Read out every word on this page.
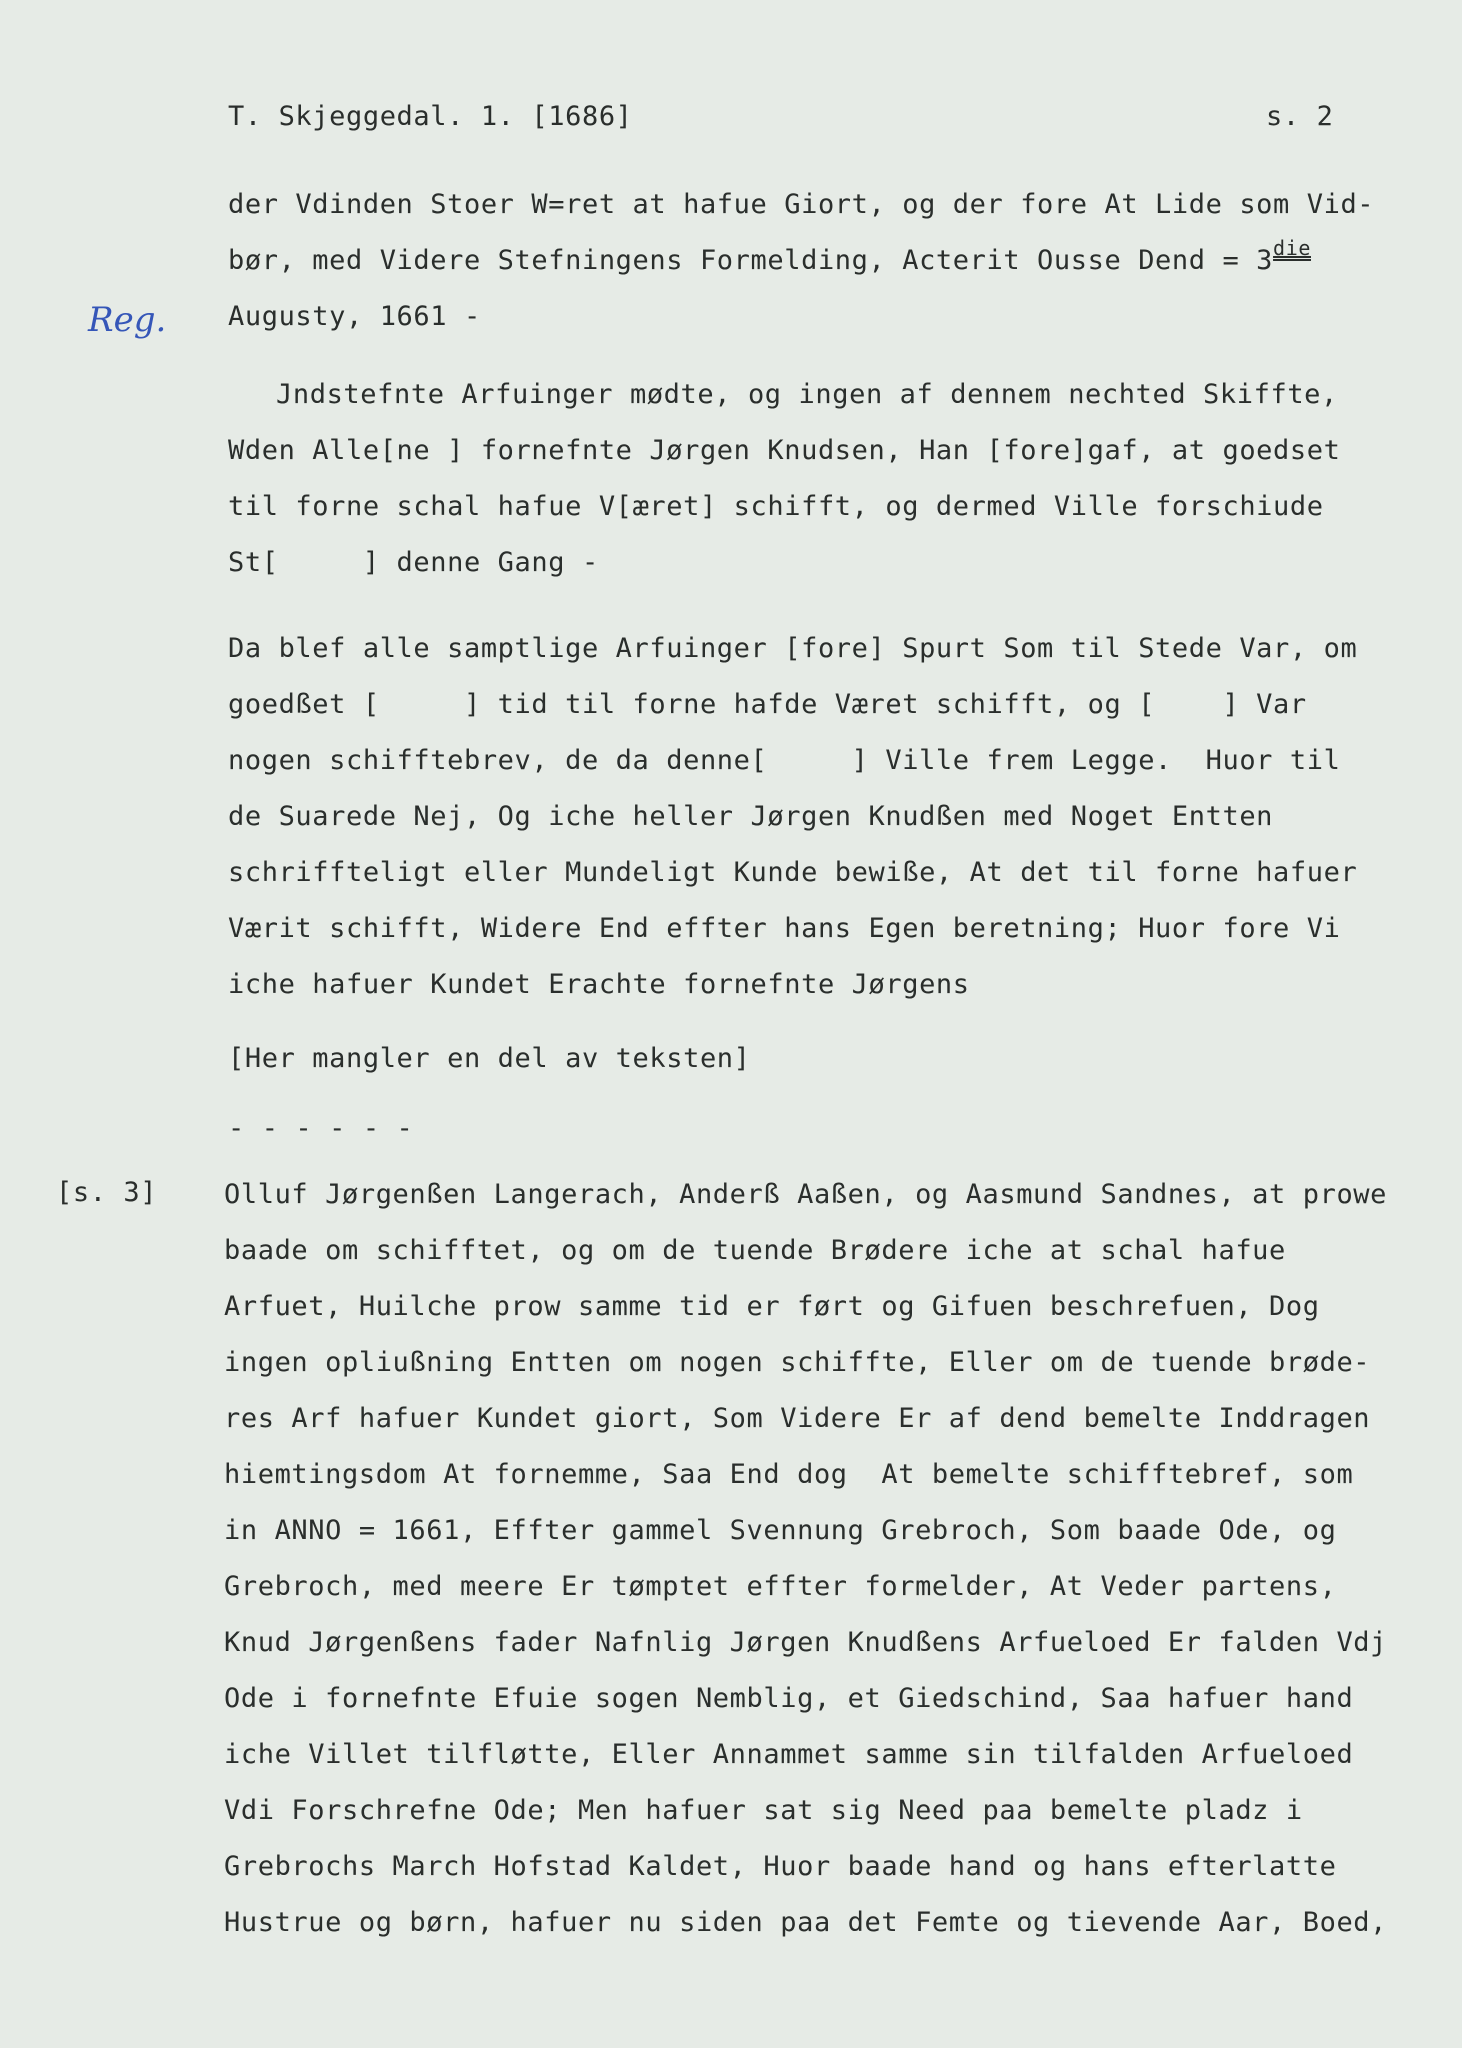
T. Skjeggedal. 1. [1686]	s. 2
Reg.
der Vdinden Stoer W=ret at hafue Giort, og der fore At Lide som Vid-
bør, med Videre Stefningens Formelding, Acterit Ousse Dend = $3^{die}$
Augusty, 1661 -
Jndstefnte Arfuinger mødte, og ingen af dennem nechted Skiffte,
Wden Alle[ne ] fornefnte Jørgen Knudsen, Han [fore]gaf, at goedset
til forne schal hafue V[æret] schifft, og dermed Ville forschiude
St[     ] denne Gang -
Da blef alle samptlige Arfuinger [fore] Spurt Som til Stede Var, om
goedßet [     ] tid til forne hafde Været schifft, og [    ] Var
nogen schifftebrev, de da denne[     ] Ville frem Legge.  Huor til
de Suarede Nej, Og iche heller Jørgen Knudßen med Noget Entten
schriffteligt eller Mundeligt Kunde bewiße, At det til forne hafuer
Værit schifft, Widere End effter hans Egen beretning; Huor fore Vi
iche hafuer Kundet Erachte fornefnte Jørgens
[Her mangler en del av teksten]
- - - - - -
[s. 3] Olluf Jørgenßen Langerach, Anderß Aaßen, og Aasmund Sandnes, at prowe
baade om schifftet, og om de tuende Brødere iche at schal hafue
Arfuet, Huilche prow samme tid er ført og Gifuen beschrefuen, Dog
ingen opliußning Entten om nogen schiffte, Eller om de tuende brøde-
res Arf hafuer Kundet giort, Som Videre Er af dend bemelte Inddragen
hiemtingsdom At fornemme, Saa End dog  At bemelte schifftebref, som
in ANNO = 1661, Effter gammel Svennung Grebroch, Som baade Ode, og
Grebroch, med meere Er tømptet effter formelder, At Veder partens,
Knud Jørgenßens fader Nafnlig Jørgen Knudßens Arfueloed Er falden Vdj
Ode i fornefnte Efuie sogen Nemblig, et Giedschind, Saa hafuer hand
iche Villet tilfløtte, Eller Annammet samme sin tilfalden Arfueloed
Vdi Forschrefne Ode; Men hafuer sat sig Need paa bemelte pladz i
Grebrochs March Hofstad Kaldet, Huor baade hand og hans efterlatte
Hustrue og børn, hafuer nu siden paa det Femte og tievende Aar, Boed,
